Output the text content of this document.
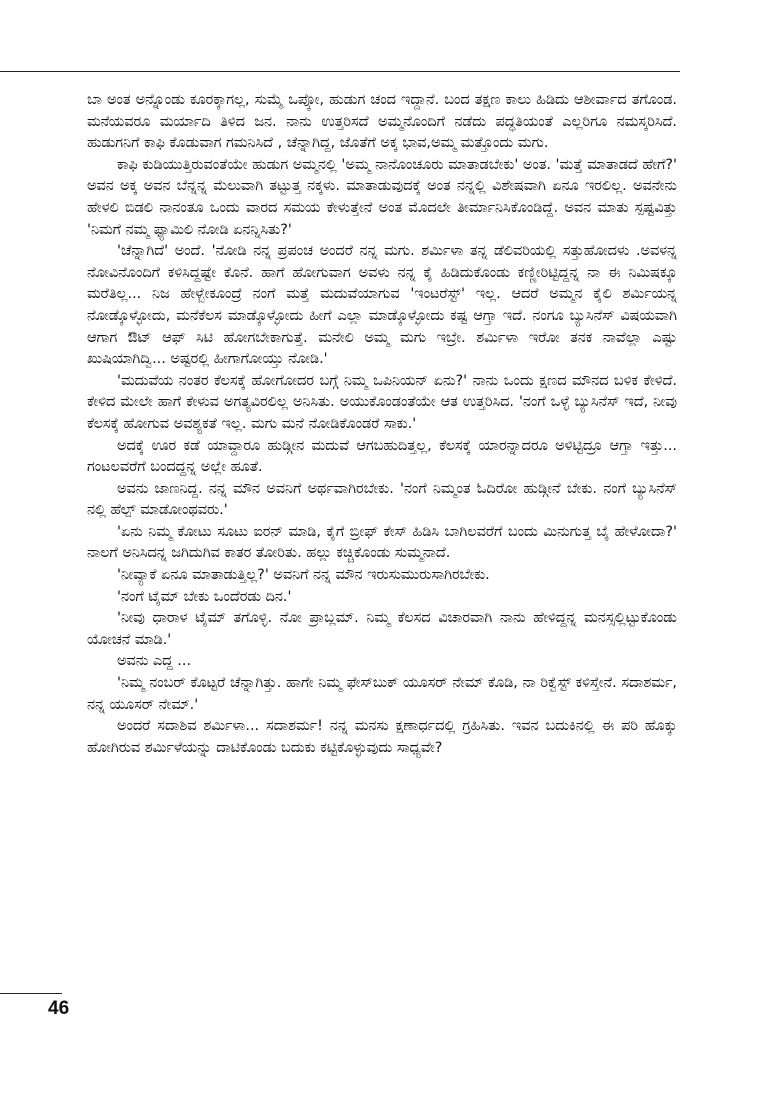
ಬಾ ಅಂತ ಅನ್ನೊಂಡು ಕೂರಕ್ಕಾಗಲ್ಲ, ಸುಮ್ಮೆ ಒಪ್ಕೋ, ಹುಡುಗ ಚಂದ ಇದ್ದಾನೆ. ಬಂದ ತಕ್ಷಣ ಕಾಲು ಹಿಡಿದು ಆಶೀರ್ವಾದ ತಗೊಂಡ. ಮನೆಯವರೂ ಮರ್ಯಾದಿ ತಿಳಿದ ಜನ. ನಾನು ಉತ್ತರಿಸದೆ ಅಮ್ಮನೊಂದಿಗೆ ನಡೆದು ಪದ್ಧತಿಯಂತೆ ಎಲ್ಲರಿಗೂ ನಮಸ್ಕರಿಸಿದೆ. ಹುಡುಗನಿಗೆ ಕಾಫಿ ಕೊಡುವಾಗ ಗಮನಿಸಿದೆ , ಚೆನ್ನಾಗಿದ್ದ, ಜೊತೆಗೆ ಅಕ್ಕ ಭಾವ,ಅಮ್ಮ ಮತ್ತೊಂದು ಮಗು.

ಕಾಫಿ ಕುಡಿಯುತ್ತಿರುವಂತೆಯೇ ಹುಡುಗ ಅಮ್ಮನಲ್ಲಿ 'ಅಮ್ಮ ನಾನೊಂಚೂರು ಮಾತಾಡಬೇಕು' ಅಂತ. 'ಮತ್ತೆ ಮಾತಾಡದೆ ಹೇಗೆ?' ಅವನ ಅಕ್ಕ ಅವನ ಬೆನ್ನನ್ನ ಮೆಲುವಾಗಿ ತಟ್ಟುತ್ತ ನಕ್ಕಳು. ಮಾತಾಡುವುದಕ್ಕೆ ಅಂತ ನನ್ನಲ್ಲಿ ವಿಶೇಷವಾಗಿ ಏನೂ ಇರಲಿಲ್ಲ. ಅವನೇನು ಹೇಳಲಿ ಬಿಡಲಿ ನಾನಂತೂ ಒಂದು ವಾರದ ಸಮಯ ಕೇಳುತ್ತೇನೆ ಅಂತ ಮೊದಲೇ ತೀರ್ಮಾನಿಸಿಕೊಂಡಿದ್ದೆ. ಅವನ ಮಾತು ಸ್ಪಷ್ಟವಿತ್ತು 'ನಿಮಗೆ ನಮ್ಮ ಫ್ಯಾಮಿಲಿ ನೋಡಿ ಏನನ್ನಿಸಿತು?'

'ಚೆನ್ನಾಗಿದೆ' ಅಂದೆ. 'ನೋಡಿ ನನ್ನ ಪ್ರಪಂಚ ಅಂದರೆ ನನ್ನ ಮಗು. ಶರ್ಮಿಳಾ ತನ್ನ ಡೆಲಿವರಿಯಲ್ಲಿ ಸತ್ತುಹೋದಳು .ಅವಳನ್ನ ನೋವಿನೊಂದಿಗೆ ಕಳಿಸಿದ್ದಷ್ಟೇ ಕೊನೆ. ಹಾಗೆ ಹೋಗುವಾಗ ಅವಳು ನನ್ನ ಕೈ ಹಿಡಿದುಕೊಂಡು ಕಣ್ಣೀರಿಟ್ಟಿದ್ದನ್ನ ನಾ ಈ ನಿಮಿಷಕ್ಕೂ ಮರೆತಿಲ್ಲ... ನಿಜ ಹೇಳ್ಬೇಕೂಂದ್ರೆ ನಂಗೆ ಮತ್ತೆ ಮದುವೆಯಾಗುವ 'ಇಂಟರೆಸ್ಟ್' ಇಲ್ಲ. ಆದರೆ ಅಮ್ಮನ ಕೈಲಿ ಶರ್ಮಿಯನ್ನ ನೋಡ್ಕೊಳ್ಳೋದು, ಮನೆಕೆಲಸ ಮಾಡ್ಕೊಳ್ಳೋದು ಹೀಗೆ ಎಲ್ಲಾ ಮಾಡ್ಕೊಳ್ಳೋದು ಕಷ್ಟ ಆಗ್ತಾ ಇದೆ. ನಂಗೂ ಬ್ಯುಸಿನೆಸ್ ವಿಷಯವಾಗಿ ಆಗಾಗ ಔಟ್ ಆಫ್ ಸಿಟಿ ಹೋಗಬೇಕಾಗುತ್ತೆ. ಮನೇಲಿ ಅಮ್ಮ ಮಗು ಇಬ್ರೇ. ಶರ್ಮಿಳಾ ಇರೋ ತನಕ ನಾವೆಲ್ಲಾ ಎಷ್ಟು ಖುಷಿಯಾಗಿದ್ವಿ... ಅಷ್ಟರಲ್ಲಿ ಹೀಗಾಗೋಯ್ತು ನೋಡಿ.'

'ಮದುವೆಯ ನಂತರ ಕೆಲಸಕ್ಕೆ ಹೋಗೋದರ ಬಗ್ಗೆ ನಿಮ್ಮ ಒಪಿನಿಯನ್ ಏನು?' ನಾನು ಒಂದು ಕ್ಷಣದ ಮೌನದ ಬಳಿಕ ಕೇಳಿದೆ. ಕೇಳಿದ ಮೇಲೇ ಹಾಗೆ ಕೇಳುವ ಅಗತ್ಯವಿರಲಿಲ್ಲ ಅನಿಸಿತು. ಅಯುಕೊಂಡಂತೆಯೇ ಆತ ಉತ್ತರಿಸಿದ. 'ನಂಗೆ ಒಳ್ಳೆ ಬ್ಯುಸಿನೆಸ್ ಇದೆ, ನೀವು ಕೆಲಸಕ್ಕೆ ಹೋಗುವ ಅವಶ್ಯಕತೆ ಇಲ್ಲ. ಮಗು ಮನೆ ನೋಡಿಕೊಂಡರೆ ಸಾಕು.'

ಅದಕ್ಕೆ ಊರ ಕಡೆ ಯಾವ್ದಾರೂ ಹುಡ್ಗೀನ ಮದುವೆ ಆಗಬಹುದಿತ್ತಲ್ಲ, ಕೆಲಸಕ್ಕೆ ಯಾರನ್ನಾದರೂ ಅಳಿಟ್ಟಿದ್ರೂ ಆಗ್ತಾ ಇತ್ತು... ಗಂಟಲವರೆಗೆ ಬಂದದ್ದನ್ನ ಅಲ್ಲೇ ಹೂತೆ.

ಅವನು ಜಾಣನಿದ್ದ. ನನ್ನ ಮೌನ ಅವನಿಗೆ ಅರ್ಥವಾಗಿರಬೇಕು. 'ನಂಗೆ ನಿಮ್ಮಂತ ಓದಿರೋ ಹುಡ್ಗೀನೆ ಬೇಕು. ನಂಗೆ ಬ್ಯುಸಿನೆಸ್ ನಲ್ಲಿ ಹೆಲ್ಪ್ ಮಾಡೋಂಥವರು.'

'ಏನು ನಿಮ್ಮ ಕೋಟು ಸೂಟು ಐರನ್ ಮಾಡಿ, ಕೈಗೆ ಬ್ರೀಫ್ ಕೇಸ್ ಹಿಡಿಸಿ ಬಾಗಿಲವರೆಗೆ ಬಂದು ಮಿನುಗುತ್ತ ಬೈ ಹೇಳೋದಾ?' ನಾಲಗೆ ಅನಿಸಿದನ್ನ ಜಗಿದುಗಿವ ಕಾತರ ತೋರಿತು. ಹಲ್ಲು ಕಚ್ಚಿಕೊಂಡು ಸುಮ್ಮನಾದೆ.

'ನೀವ್ಯಾಕೆ ಏನೂ ಮಾತಾಡುತ್ತಿಲ್ಲ?' ಅವನಿಗೆ ನನ್ನ ಮೌನ ಇರುಸುಮುರುಸಾಗಿರಬೇಕು.

'ನಂಗೆ ಟೈಮ್ ಬೇಕು ಒಂದೆರಡು ದಿನ.'

'ನೀವು ಧಾರಾಳ ಟೈಮ್ ತಗೊಳ್ಳಿ. ನೋ ಪ್ರಾಬ್ಲಮ್. ನಿಮ್ಮ ಕೆಲಸದ ವಿಚಾರವಾಗಿ ನಾನು ಹೇಳಿದ್ದನ್ನ ಮನಸ್ಸಲ್ಲಿಟ್ಟುಕೊಂಡು ಯೋಚನೆ ಮಾಡಿ.'

ಅವನು ಎದ್ದ ...

'ನಿಮ್ಮ ನಂಬರ್ ಕೊಟ್ಟರೆ ಚೆನ್ನಾಗಿತ್ತು. ಹಾಗೇ ನಿಮ್ಮ ಫೇಸ್‌ಬುಕ್ ಯೂಸರ್ ನೇಮ್ ಕೊಡಿ, ನಾ ರಿಕ್ವೆಸ್ಟ್ ಕಳಿಸ್ತೇನೆ. ಸದಾಶರ್ಮ, ನನ್ನ ಯೂಸರ್ ನೇಮ್.'

ಅಂದರೆ ಸದಾಶಿವ ಶರ್ಮಿಳಾ... ಸದಾಶರ್ಮ! ನನ್ನ ಮನಸು ಕ್ಷಣಾರ್ಧದಲ್ಲಿ ಗ್ರಹಿಸಿತು. ಇವನ ಬದುಕಿನಲ್ಲಿ ಈ ಪರಿ ಹೊಕ್ಕು ಹೋಗಿರುವ ಶರ್ಮಿಳೆಯನ್ನು ದಾಟಿಕೊಂಡು ಬದುಕು ಕಟ್ಟಿಕೊಳ್ಳುವುದು ಸಾಧ್ಯವೇ?

46
